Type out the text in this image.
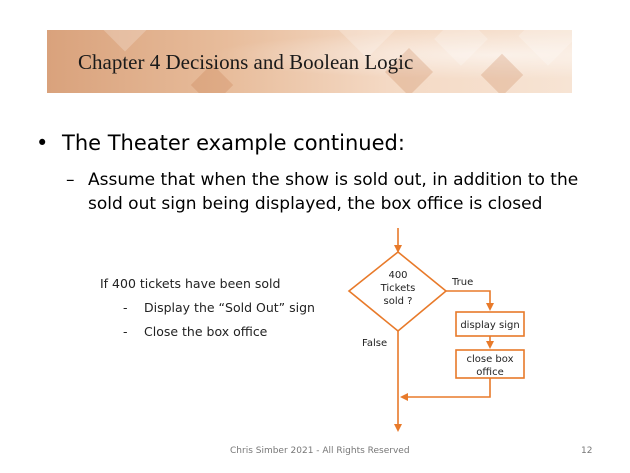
Chapter 4 Decisions and Boolean Logic
• The Theater example continued:
– Assume that when the show is sold out, in addition to the sold out sign being displayed, the box office is closed
If 400 tickets have been sold
- Display the “Sold Out” sign
- Close the box office
400
Tickets
sold ?
True
False
display sign
close box
office
Chris Simber 2021 - All Rights Reserved	12
